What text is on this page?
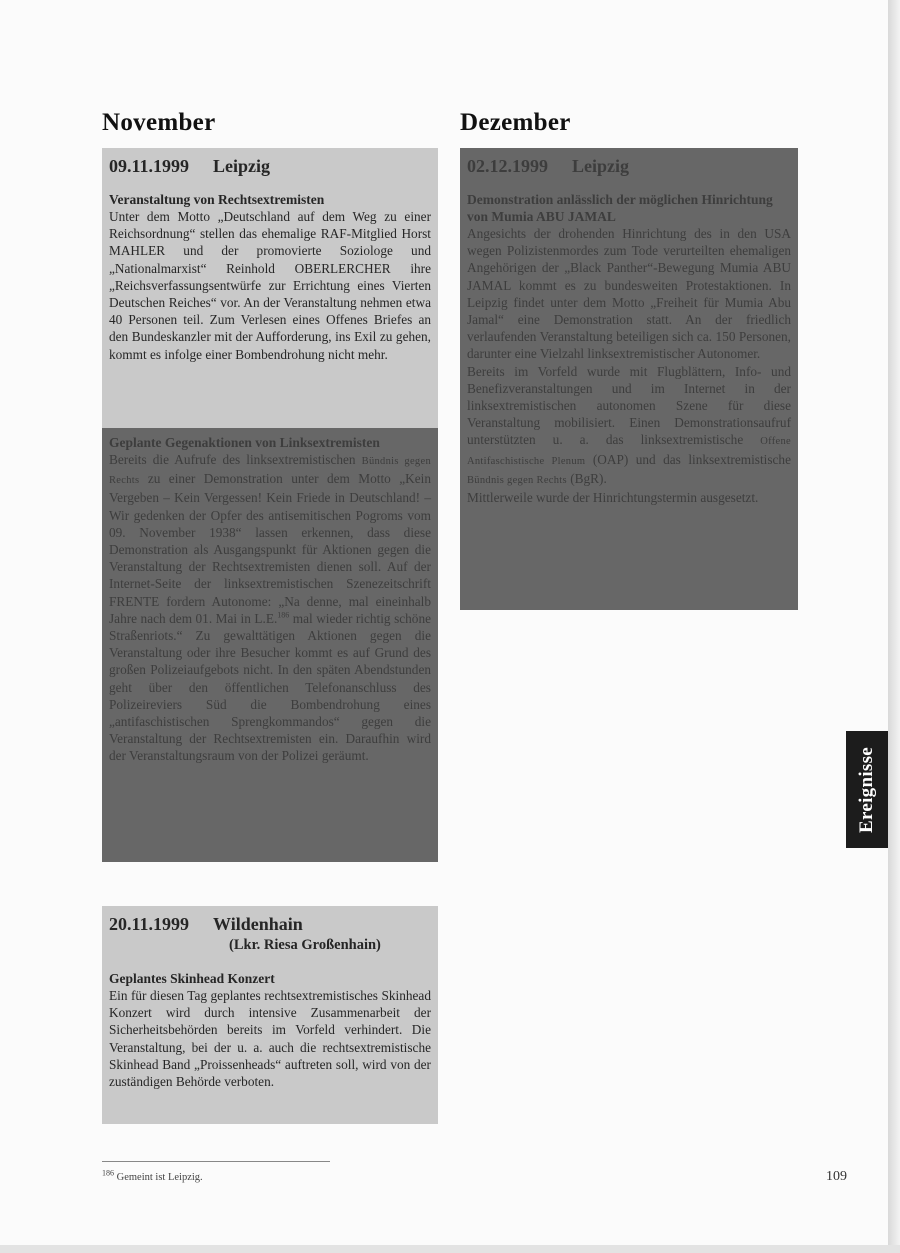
November	Dezember
09.11.1999 Leipzig
Veranstaltung von Rechtsextremisten

Unter dem Motto „Deutschland auf dem Weg zu einer Reichsordnung“ stellen das ehemalige RAF-Mitglied Horst MAHLER und der promovierte Soziologe und „Nationalmarxist“ Reinhold OBERLERCHER ihre „Reichsverfassungsentwürfe zur Errichtung eines Vierten Deutschen Reiches“ vor. An der Veranstaltung nehmen etwa 40 Personen teil. Zum Verlesen eines Offenes Briefes an den Bundeskanzler mit der Aufforderung, ins Exil zu gehen, kommt es infolge einer Bombendrohung nicht mehr.

Geplante Gegenaktionen von Linksextremisten

Bereits die Aufrufe des linksextremistischen Bündnis gegen Rechts zu einer Demonstration unter dem Motto „Kein Vergeben – Kein Vergessen! Kein Friede in Deutschland! – Wir gedenken der Opfer des antisemitischen Pogroms vom 09. November 1938“ lassen erkennen, dass diese Demonstration als Ausgangspunkt für Aktionen gegen die Veranstaltung der Rechtsextremisten dienen soll. Auf der Internet-Seite der linksextremistischen Szenezeitschrift FRENTE fordern Autonome: „Na denne, mal eineinhalb Jahre nach dem 01. Mai in L.E.$^{186}$ mal wieder richtig schöne Straßenriots.“ Zu gewalttätigen Aktionen gegen die Veranstaltung oder ihre Besucher kommt es auf Grund des großen Polizeiaufgebots nicht. In den späten Abendstunden geht über den öffentlichen Telefonanschluss des Polizeireviers Süd die Bombendrohung eines „antifaschistischen Sprengkommandos“ gegen die Veranstaltung der Rechtsextremisten ein. Daraufhin wird der Veranstaltungsraum von der Polizei geräumt.

02.12.1999 Leipzig
Demonstration anlässlich der möglichen Hinrichtung von Mumia ABU JAMAL

Angesichts der drohenden Hinrichtung des in den USA wegen Polizistenmordes zum Tode verurteilten ehemaligen Angehörigen der „Black Panther“-Bewegung Mumia ABU JAMAL kommt es zu bundesweiten Protestaktionen. In Leipzig findet unter dem Motto „Freiheit für Mumia Abu Jamal“ eine Demonstration statt. An der friedlich verlaufenden Veranstaltung beteiligen sich ca. 150 Personen, darunter eine Vielzahl linksextremistischer Autonomer.

Bereits im Vorfeld wurde mit Flugblättern, Info- und Benefizveranstaltungen und im Internet in der linksextremistischen autonomen Szene für diese Veranstaltung mobilisiert. Einen Demonstrationsaufruf unterstützten u. a. das linksextremistische Offene Antifaschistische Plenum (OAP) und das linksextremistische Bündnis gegen Rechts (BgR).

Mittlerweile wurde der Hinrichtungstermin ausgesetzt.

20.11.1999 Wildenhain
(Lkr. Riesa Großenhain)
Geplantes Skinhead Konzert

Ein für diesen Tag geplantes rechtsextremistisches Skinhead Konzert wird durch intensive Zusammenarbeit der Sicherheitsbehörden bereits im Vorfeld verhindert. Die Veranstaltung, bei der u. a. auch die rechtsextremistische Skinhead Band „Proissenheads“ auftreten soll, wird von der zuständigen Behörde verboten.

Ereignisse
$^{186}$ Gemeint ist Leipzig.	109
